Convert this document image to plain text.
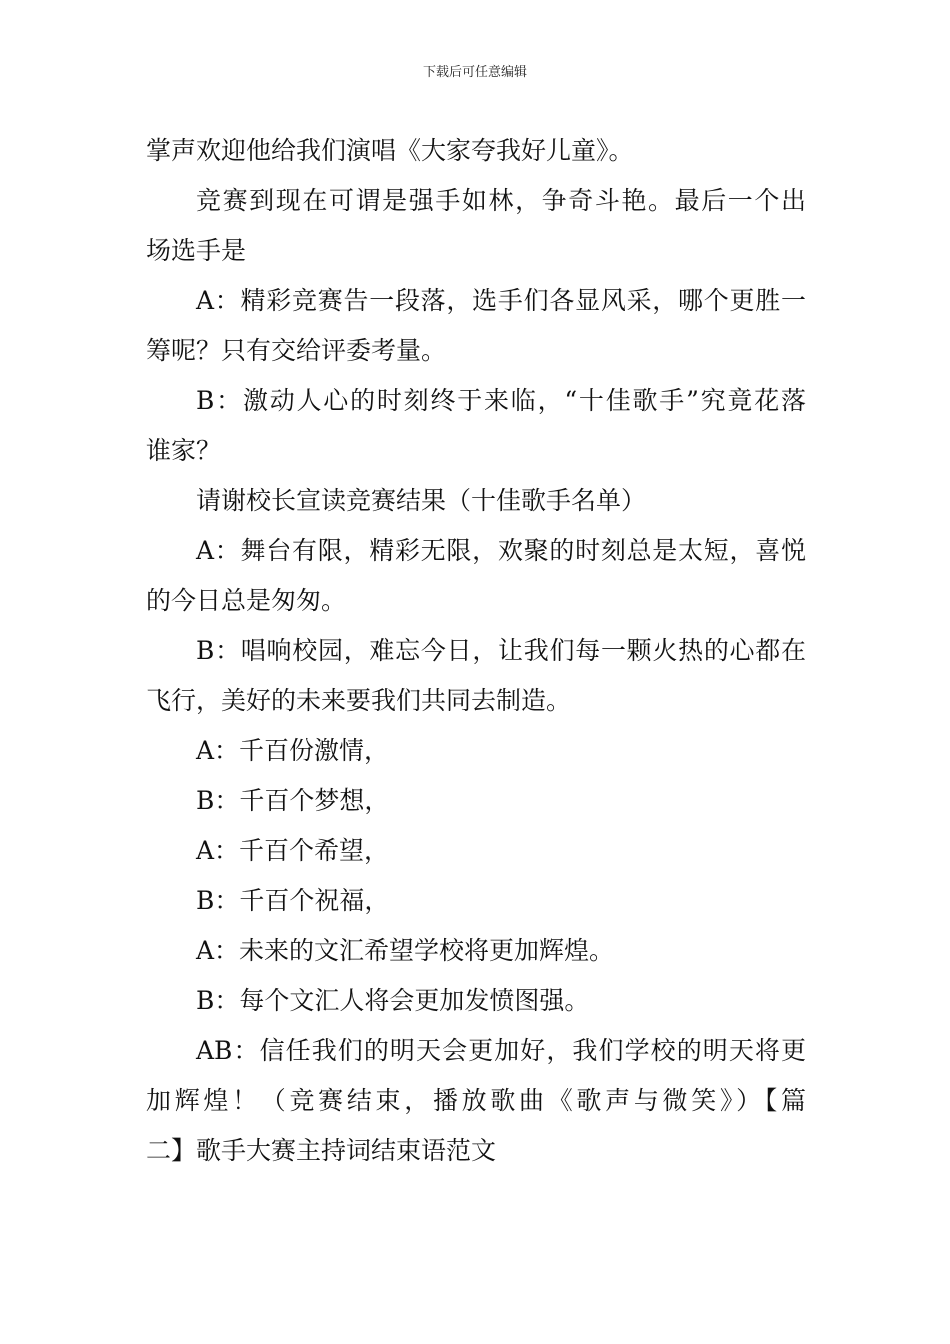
下载后可任意编辑
掌声欢迎他给我们演唱《大家夸我好儿童》。
竞赛到现在可谓是强手如林，争奇斗艳。最后一个出
场选手是
A：精彩竞赛告一段落，选手们各显风采，哪个更胜一
筹呢？只有交给评委考量。
B：激动人心的时刻终于来临，“十佳歌手”究竟花落
谁家？
请谢校长宣读竞赛结果（十佳歌手名单）
A：舞台有限，精彩无限，欢聚的时刻总是太短，喜悦
的今日总是匆匆。
B：唱响校园，难忘今日，让我们每一颗火热的心都在
飞行，美好的未来要我们共同去制造。
A：千百份激情，
B：千百个梦想，
A：千百个希望，
B：千百个祝福，
A：未来的文汇希望学校将更加辉煌。
B：每个文汇人将会更加发愤图强。
AB：信任我们的明天会更加好，我们学校的明天将更
加辉煌！（竞赛结束，播放歌曲《歌声与微笑》）【篇
二】歌手大赛主持词结束语范文
